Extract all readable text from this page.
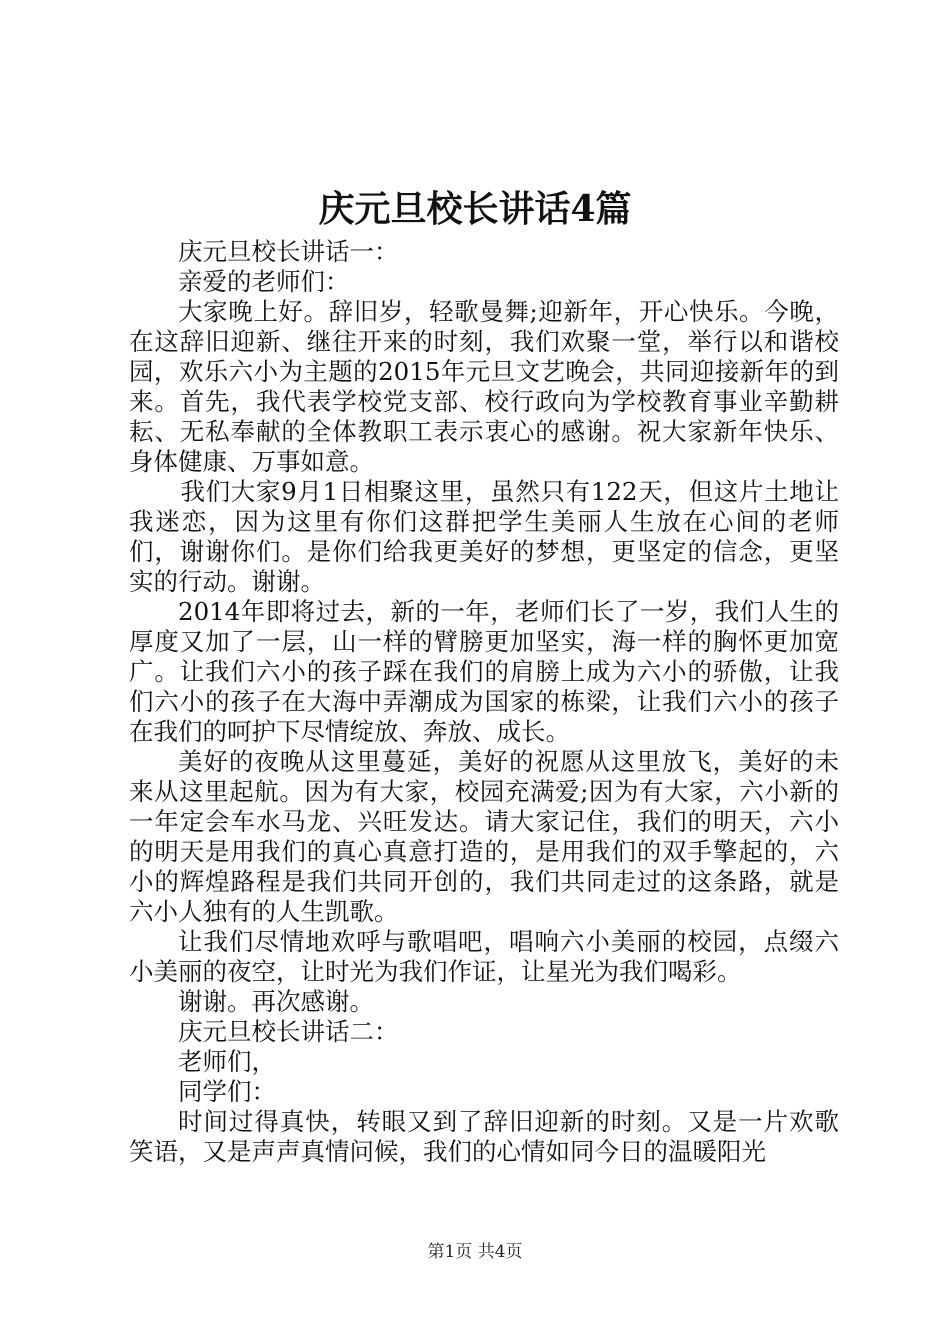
庆元旦校长讲话4篇

庆元旦校长讲话一：

亲爱的老师们：

大家晚上好。辞旧岁，轻歌曼舞;迎新年，开心快乐。今晚，在这辞旧迎新、继往开来的时刻，我们欢聚一堂，举行以和谐校园，欢乐六小为主题的2015年元旦文艺晚会，共同迎接新年的到来。首先，我代表学校党支部、校行政向为学校教育事业辛勤耕耘、无私奉献的全体教职工表示衷心的感谢。祝大家新年快乐、身体健康、万事如意。

我们大家9月1日相聚这里，虽然只有122天，但这片土地让我迷恋，因为这里有你们这群把学生美丽人生放在心间的老师们，谢谢你们。是你们给我更美好的梦想，更坚定的信念，更坚实的行动。谢谢。

2014年即将过去，新的一年，老师们长了一岁，我们人生的厚度又加了一层，山一样的臂膀更加坚实，海一样的胸怀更加宽广。让我们六小的孩子踩在我们的肩膀上成为六小的骄傲，让我们六小的孩子在大海中弄潮成为国家的栋梁，让我们六小的孩子在我们的呵护下尽情绽放、奔放、成长。

美好的夜晚从这里蔓延，美好的祝愿从这里放飞，美好的未来从这里起航。因为有大家，校园充满爱;因为有大家，六小新的一年定会车水马龙、兴旺发达。请大家记住，我们的明天，六小的明天是用我们的真心真意打造的，是用我们的双手擎起的，六小的辉煌路程是我们共同开创的，我们共同走过的这条路，就是六小人独有的人生凯歌。

让我们尽情地欢呼与歌唱吧，唱响六小美丽的校园，点缀六小美丽的夜空，让时光为我们作证，让星光为我们喝彩。

谢谢。再次感谢。

庆元旦校长讲话二：

老师们，

同学们：

时间过得真快，转眼又到了辞旧迎新的时刻。又是一片欢歌笑语，又是声声真情问候，我们的心情如同今日的温暖阳光

第1页 共4页
